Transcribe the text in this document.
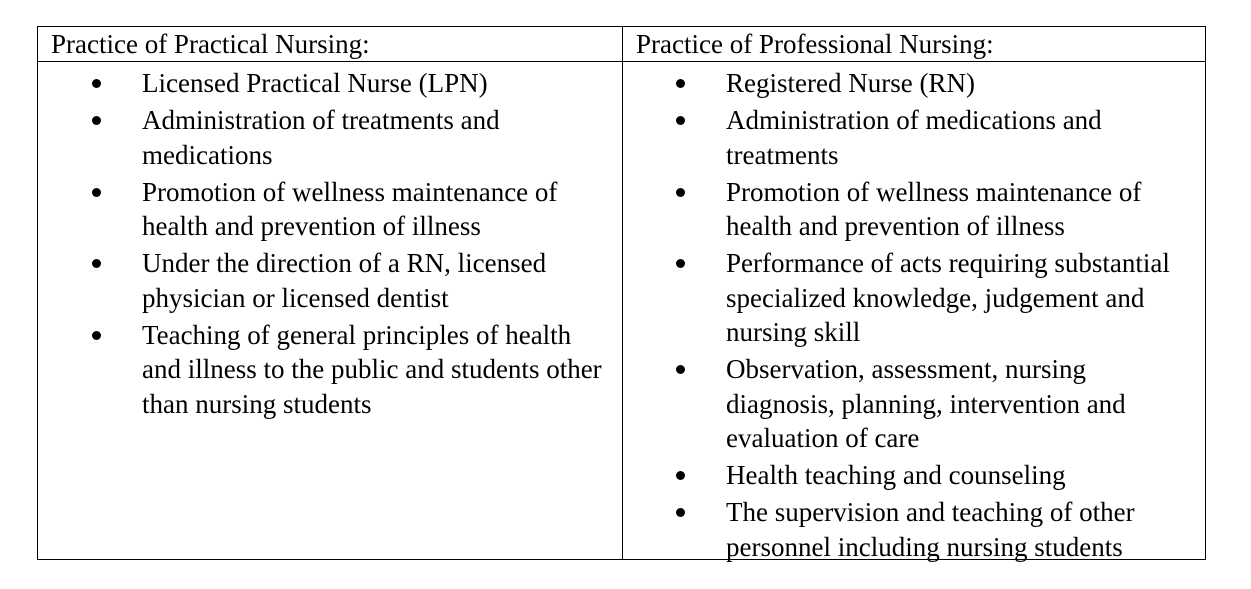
Practice of Practical Nursing:	Practice of Professional Nursing:
Licensed Practical Nurse (LPN)
Administration of treatments and medications
Promotion of wellness maintenance of health and prevention of illness
Under the direction of a RN, licensed physician or licensed dentist
Teaching of general principles of health and illness to the public and students other than nursing students
Registered Nurse (RN)
Administration of medications and treatments
Promotion of wellness maintenance of health and prevention of illness
Performance of acts requiring substantial specialized knowledge, judgement and nursing skill
Observation, assessment, nursing diagnosis, planning, intervention and evaluation of care
Health teaching and counseling
The supervision and teaching of other personnel including nursing students
